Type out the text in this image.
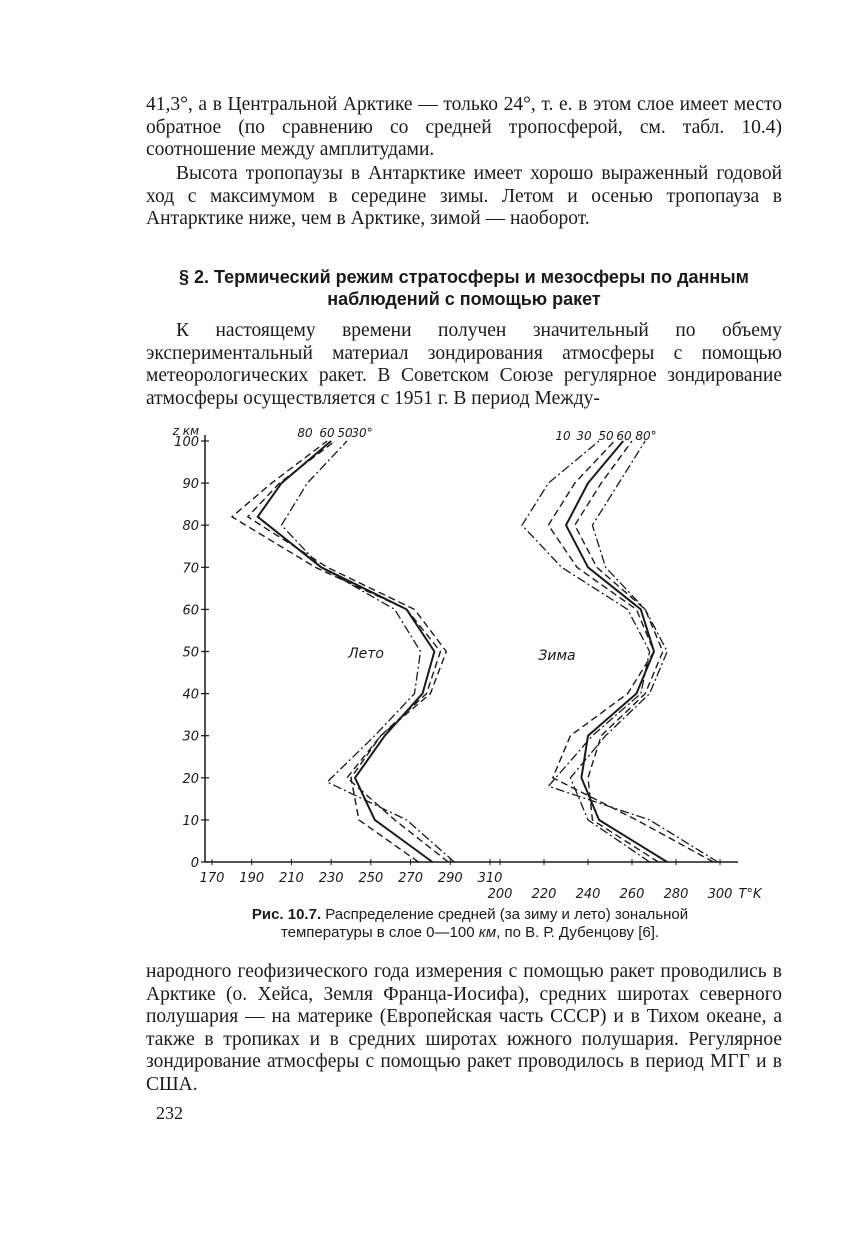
41,3°, а в Центральной Арктике — только 24°, т. е. в этом слое имеет место обратное (по сравнению со средней тропосферой, см. табл. 10.4) соотношение между амплитудами.

Высота тропопаузы в Антарктике имеет хорошо выраженный годовой ход с максимумом в середине зимы. Летом и осенью тропопауза в Антарктике ниже, чем в Арктике, зимой — наоборот.

§ 2. Термический режим стратосферы и мезосферы по данным
наблюдений с помощью ракет

К настоящему времени получен значительный по объему экспериментальный материал зондирования атмосферы с помощью метеорологических ракет. В Советском Союзе регулярное зондирование атмосферы осуществляется с 1951 г. В период Между-

100
90
80
70
60
50
40
30
20
10
0
z км
170 190 210 230 250 270 290 310
200 220 240 260 280 300 T°K
80 60 50
30°	10 30 50 60 80°
Лето	Зима

Рис. 10.7. Распределение средней (за зиму и лето) зональной
температуры в слое 0—100 км, по В. Р. Дубенцову [6].

народного геофизического года измерения с помощью ракет проводились в Арктике (о. Хейса, Земля Франца-Иосифа), средних широтах северного полушария — на материке (Европейская часть СССР) и в Тихом океане, а также в тропиках и в средних широтах южного полушария. Регулярное зондирование атмосферы с помощью ракет проводилось в период МГГ и в США.

232
